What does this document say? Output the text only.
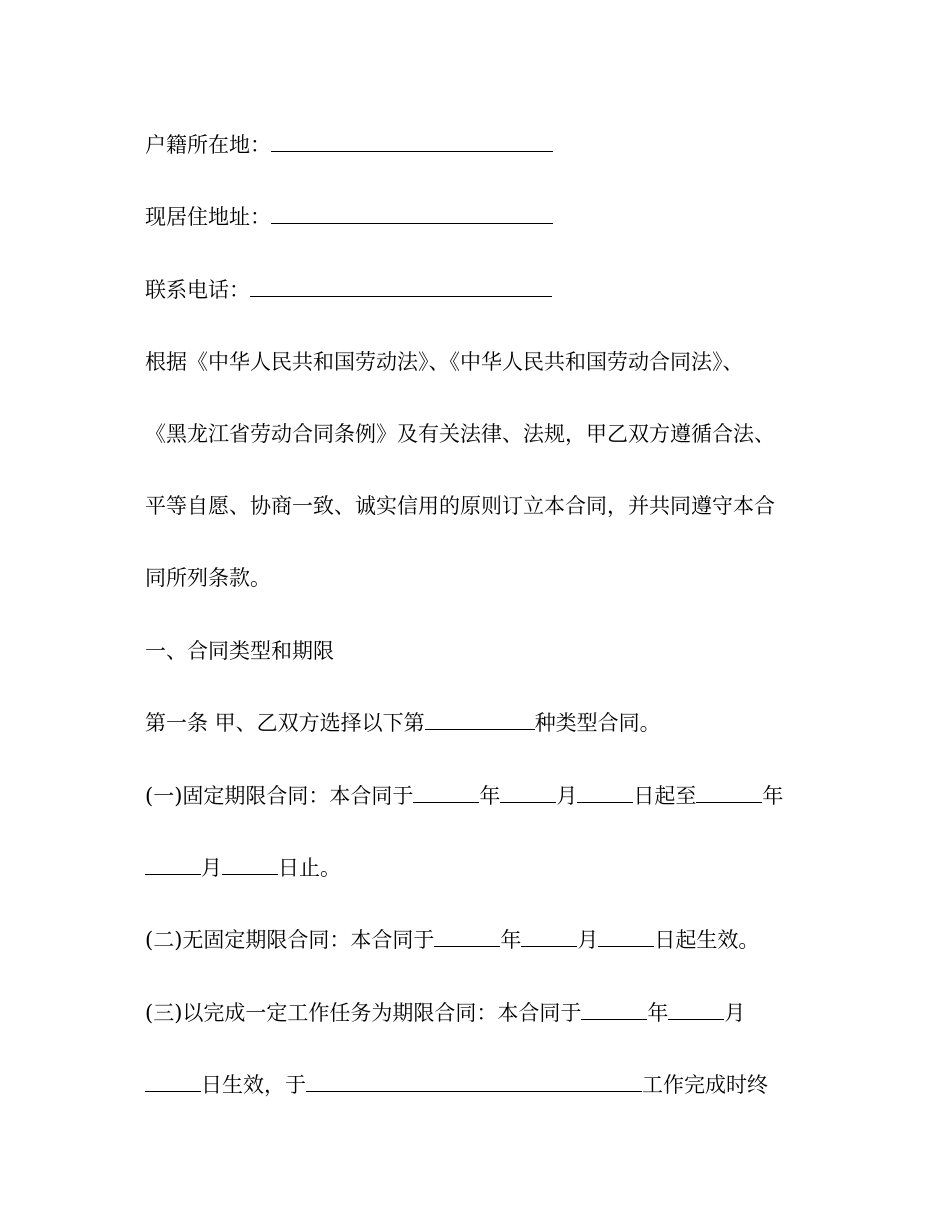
户籍所在地：
现居住地址：
联系电话：
根据《中华人民共和国劳动法》、《中华人民共和国劳动合同法》、
《黑龙江省劳动合同条例》及有关法律、法规，甲乙双方遵循合法、
平等自愿、协商一致、诚实信用的原则订立本合同，并共同遵守本合
同所列条款。
一、合同类型和期限
第一条 甲、乙双方选择以下第	种类型合同。
(一)固定期限合同：本合同于	年	月	日起至	年
月	日止。
(二)无固定期限合同：本合同于	年	月	日起生效。
(三)以完成一定工作任务为期限合同：本合同于	年	月
日生效，于	工作完成时终
